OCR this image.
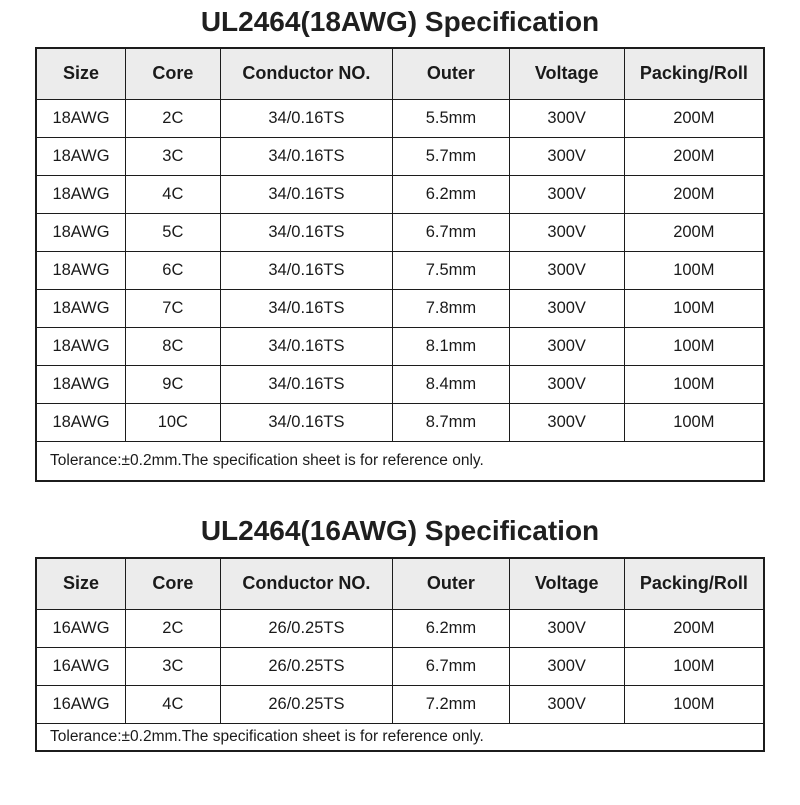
UL2464(18AWG) Specification
Size	Core	Conductor NO.	Outer	Voltage	Packing/Roll
18AWG	2C	34/0.16TS	5.5mm	300V	200M
18AWG	3C	34/0.16TS	5.7mm	300V	200M
18AWG	4C	34/0.16TS	6.2mm	300V	200M
18AWG	5C	34/0.16TS	6.7mm	300V	200M
18AWG	6C	34/0.16TS	7.5mm	300V	100M
18AWG	7C	34/0.16TS	7.8mm	300V	100M
18AWG	8C	34/0.16TS	8.1mm	300V	100M
18AWG	9C	34/0.16TS	8.4mm	300V	100M
18AWG	10C	34/0.16TS	8.7mm	300V	100M
Tolerance:±0.2mm.The specification sheet is for reference only.					
UL2464(16AWG) Specification
Size	Core	Conductor NO.	Outer	Voltage	Packing/Roll
16AWG	2C	26/0.25TS	6.2mm	300V	200M
16AWG	3C	26/0.25TS	6.7mm	300V	100M
16AWG	4C	26/0.25TS	7.2mm	300V	100M
Tolerance:±0.2mm.The specification sheet is for reference only.					
